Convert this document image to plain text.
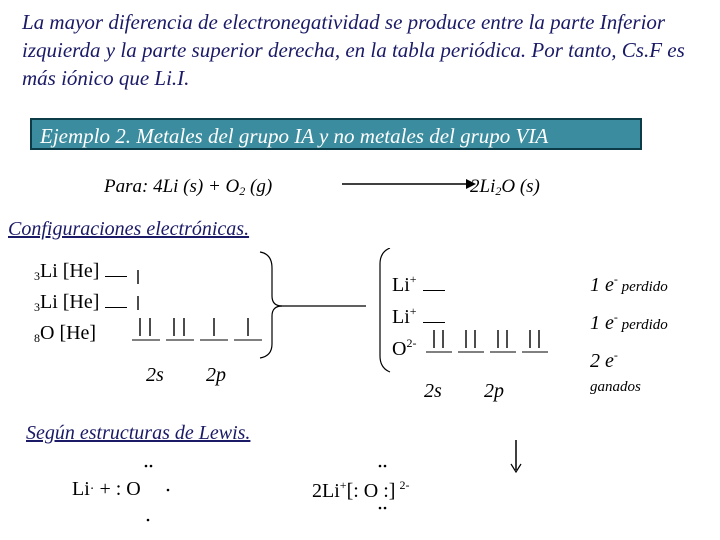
La mayor diferencia de electronegatividad se produce entre la parte Inferior izquierda y la parte superior derecha, en la tabla periódica. Por tanto, Cs.F es más iónico que Li.I.
Ejemplo 2. Metales del grupo IA y no metales del grupo VIA
Para: 4Li $(s) + O_2$ (g)	$2Li_2O$ (s)
Configuraciones electrónicas.
$_3$Li [He]
$_3$Li [He]
$_8$O [He]
2s 2p
Li+
Li+
$O^{2-}$
2s 2p
1 e- perdido
1 e- perdido
2 e-
ganados
Según estructuras de Lewis.
Li· + : O	2Li+[: O :] $^{2-}$
